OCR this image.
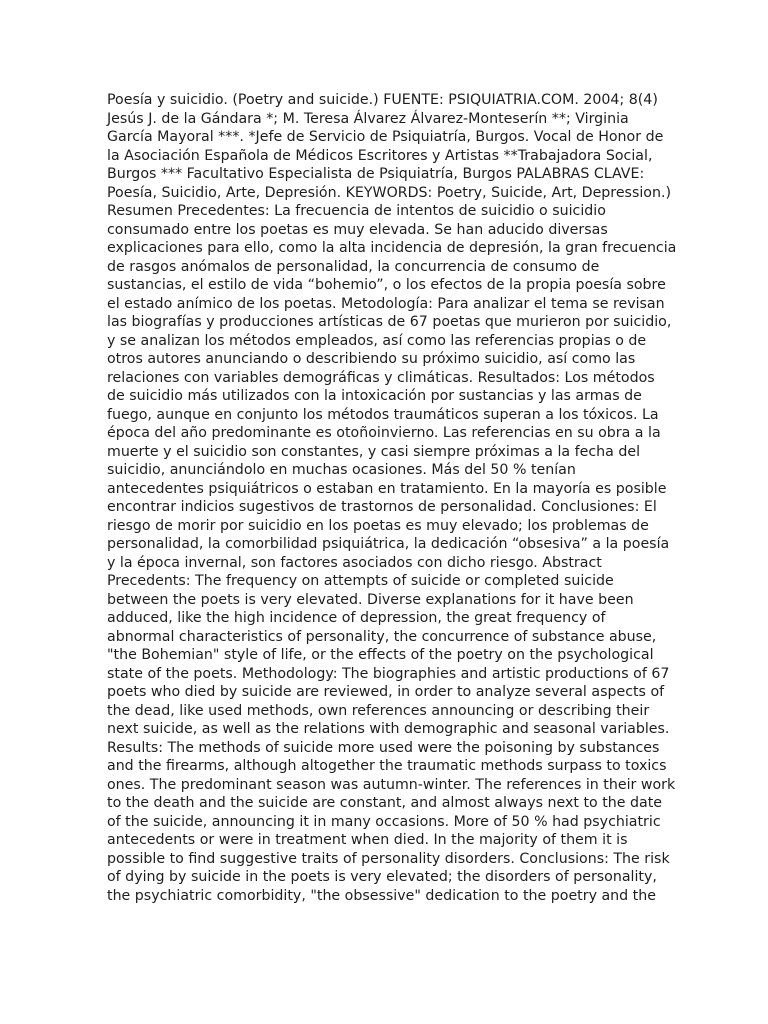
Poesía y suicidio. (Poetry and suicide.) FUENTE: PSIQUIATRIA.COM. 2004; 8(4)
Jesús J. de la Gándara *; M. Teresa Álvarez Álvarez-Monteserín **; Virginia
García Mayoral ***. *Jefe de Servicio de Psiquiatría, Burgos. Vocal de Honor de
la Asociación Española de Médicos Escritores y Artistas **Trabajadora Social,
Burgos *** Facultativo Especialista de Psiquiatría, Burgos PALABRAS CLAVE:
Poesía, Suicidio, Arte, Depresión. KEYWORDS: Poetry, Suicide, Art, Depression.)
Resumen Precedentes: La frecuencia de intentos de suicidio o suicidio
consumado entre los poetas es muy elevada. Se han aducido diversas
explicaciones para ello, como la alta incidencia de depresión, la gran frecuencia
de rasgos anómalos de personalidad, la concurrencia de consumo de
sustancias, el estilo de vida “bohemio”, o los efectos de la propia poesía sobre
el estado anímico de los poetas. Metodología: Para analizar el tema se revisan
las biografías y producciones artísticas de 67 poetas que murieron por suicidio,
y se analizan los métodos empleados, así como las referencias propias o de
otros autores anunciando o describiendo su próximo suicidio, así como las
relaciones con variables demográficas y climáticas. Resultados: Los métodos
de suicidio más utilizados con la intoxicación por sustancias y las armas de
fuego, aunque en conjunto los métodos traumáticos superan a los tóxicos. La
época del año predominante es otoñoinvierno. Las referencias en su obra a la
muerte y el suicidio son constantes, y casi siempre próximas a la fecha del
suicidio, anunciándolo en muchas ocasiones. Más del 50 % tenían
antecedentes psiquiátricos o estaban en tratamiento. En la mayoría es posible
encontrar indicios sugestivos de trastornos de personalidad. Conclusiones: El
riesgo de morir por suicidio en los poetas es muy elevado; los problemas de
personalidad, la comorbilidad psiquiátrica, la dedicación “obsesiva” a la poesía
y la época invernal, son factores asociados con dicho riesgo. Abstract
Precedents: The frequency on attempts of suicide or completed suicide
between the poets is very elevated. Diverse explanations for it have been
adduced, like the high incidence of depression, the great frequency of
abnormal characteristics of personality, the concurrence of substance abuse,
"the Bohemian" style of life, or the effects of the poetry on the psychological
state of the poets. Methodology: The biographies and artistic productions of 67
poets who died by suicide are reviewed, in order to analyze several aspects of
the dead, like used methods, own references announcing or describing their
next suicide, as well as the relations with demographic and seasonal variables.
Results: The methods of suicide more used were the poisoning by substances
and the firearms, although altogether the traumatic methods surpass to toxics
ones. The predominant season was autumn-winter. The references in their work
to the death and the suicide are constant, and almost always next to the date
of the suicide, announcing it in many occasions. More of 50 % had psychiatric
antecedents or were in treatment when died. In the majority of them it is
possible to find suggestive traits of personality disorders. Conclusions: The risk
of dying by suicide in the poets is very elevated; the disorders of personality,
the psychiatric comorbidity, "the obsessive" dedication to the poetry and the
